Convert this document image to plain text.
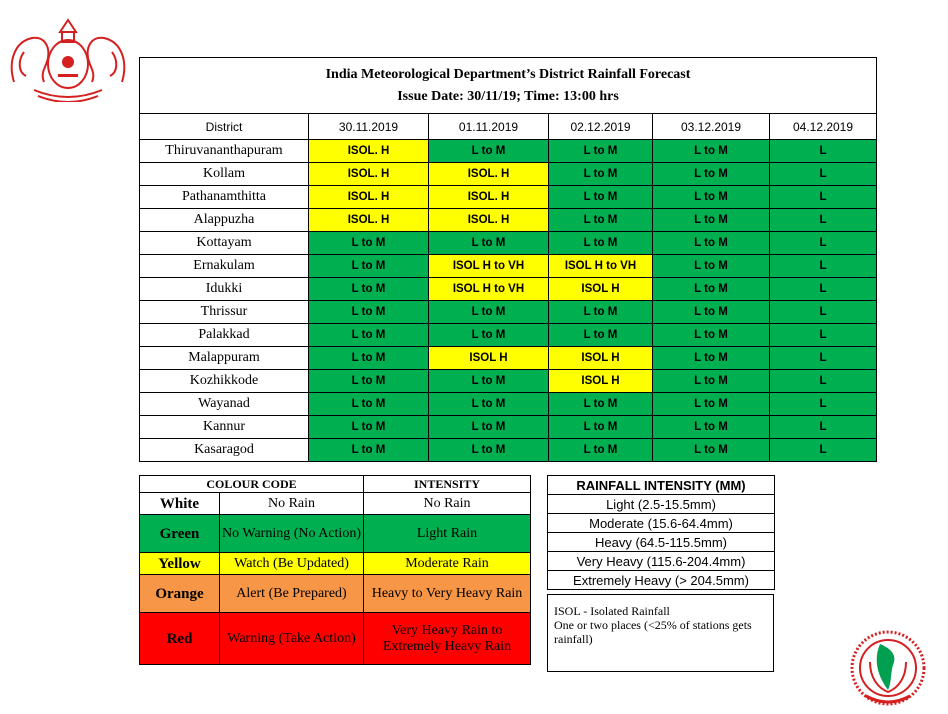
India Meteorological Department’s District Rainfall Forecast
Issue Date: 30/11/19; Time: 13:00 hrs					

District	30.11.2019	01.11.2019	02.12.2019	03.12.2019	04.12.2019
Thiruvananthapuram	ISOL. H	L to M	L to M	L to M	L
Kollam	ISOL. H	ISOL. H	L to M	L to M	L
Pathanamthitta	ISOL. H	ISOL. H	L to M	L to M	L
Alappuzha	ISOL. H	ISOL. H	L to M	L to M	L
Kottayam	L to M	L to M	L to M	L to M	L
Ernakulam	L to M	ISOL H to VH	ISOL H to VH	L to M	L
Idukki	L to M	ISOL H to VH	ISOL H	L to M	L
Thrissur	L to M	L to M	L to M	L to M	L
Palakkad	L to M	L to M	L to M	L to M	L
Malappuram	L to M	ISOL H	ISOL H	L to M	L
Kozhikkode	L to M	L to M	ISOL H	L to M	L
Wayanad	L to M	L to M	L to M	L to M	L
Kannur	L to M	L to M	L to M	L to M	L
Kasaragod	L to M	L to M	L to M	L to M	L
COLOUR CODE		INTENSITY
White	No Rain	No Rain
Green	No Warning (No Action)	Light Rain
Yellow	Watch (Be Updated)	Moderate Rain
Orange	Alert (Be Prepared)	Heavy to Very Heavy Rain
Red	Warning (Take Action)	Very Heavy Rain to Extremely Heavy Rain
RAINFALL INTENSITY (MM)
Light (2.5-15.5mm)
Moderate (15.6-64.4mm)
Heavy (64.5-115.5mm)
Very Heavy (115.6-204.4mm)
Extremely Heavy (> 204.5mm)
ISOL - Isolated Rainfall
One or two places (<25% of stations gets rainfall)
